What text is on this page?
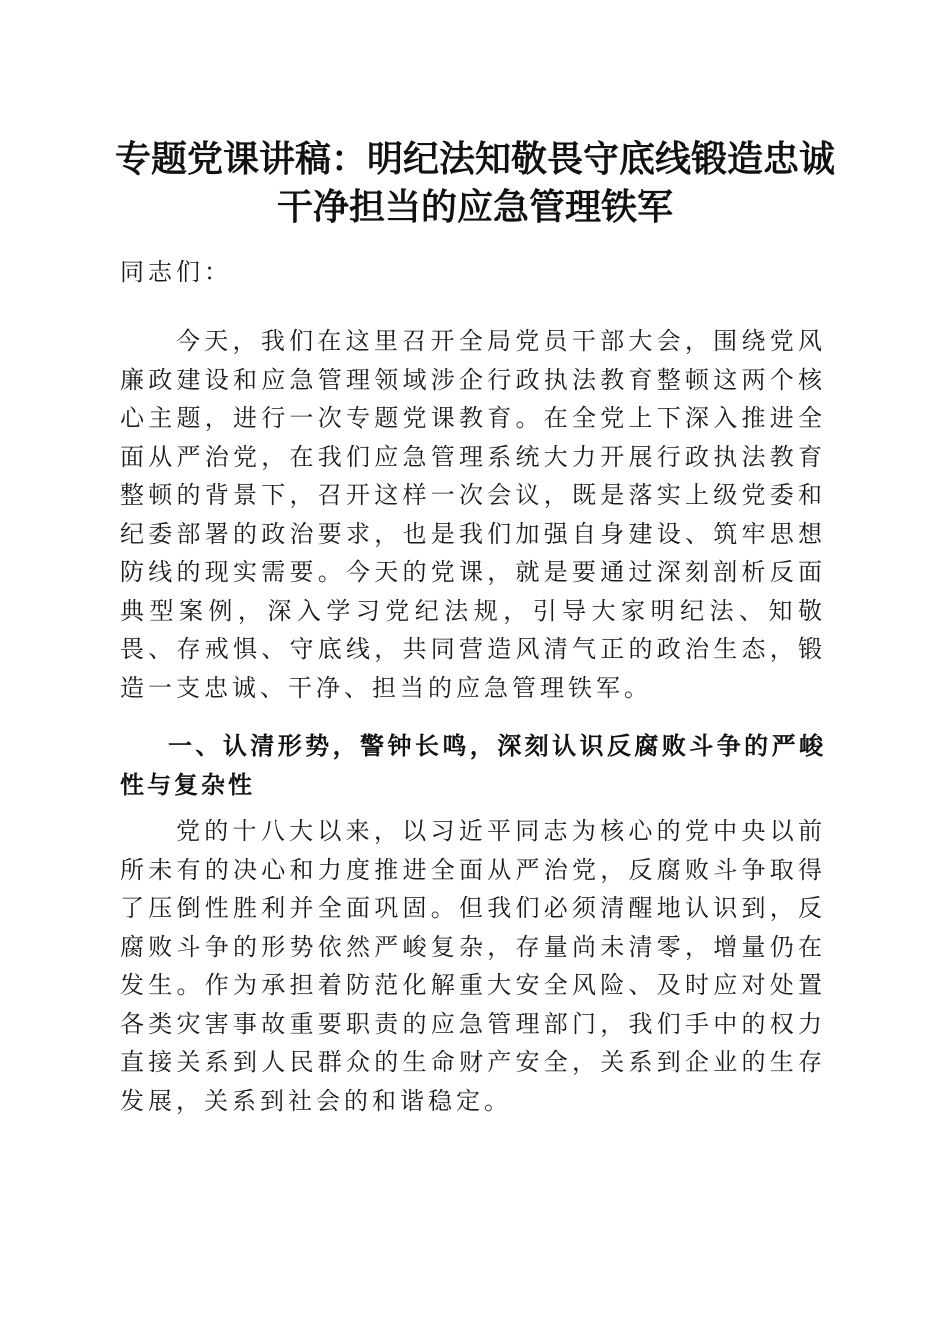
专题党课讲稿：明纪法知敬畏守底线锻造忠诚干净担当的应急管理铁军
同志们：
今天，我们在这里召开全局党员干部大会，围绕党风廉政建设和应急管理领域涉企行政执法教育整顿这两个核心主题，进行一次专题党课教育。在全党上下深入推进全面从严治党，在我们应急管理系统大力开展行政执法教育整顿的背景下，召开这样一次会议，既是落实上级党委和纪委部署的政治要求，也是我们加强自身建设、筑牢思想防线的现实需要。今天的党课，就是要通过深刻剖析反面典型案例，深入学习党纪法规，引导大家明纪法、知敬畏、存戒惧、守底线，共同营造风清气正的政治生态，锻造一支忠诚、干净、担当的应急管理铁军。
一、认清形势，警钟长鸣，深刻认识反腐败斗争的严峻性与复杂性
党的十八大以来，以习近平同志为核心的党中央以前所未有的决心和力度推进全面从严治党，反腐败斗争取得了压倒性胜利并全面巩固。但我们必须清醒地认识到，反腐败斗争的形势依然严峻复杂，存量尚未清零，增量仍在发生。作为承担着防范化解重大安全风险、及时应对处置各类灾害事故重要职责的应急管理部门，我们手中的权力直接关系到人民群众的生命财产安全，关系到企业的生存发展，关系到社会的和谐稳定。
